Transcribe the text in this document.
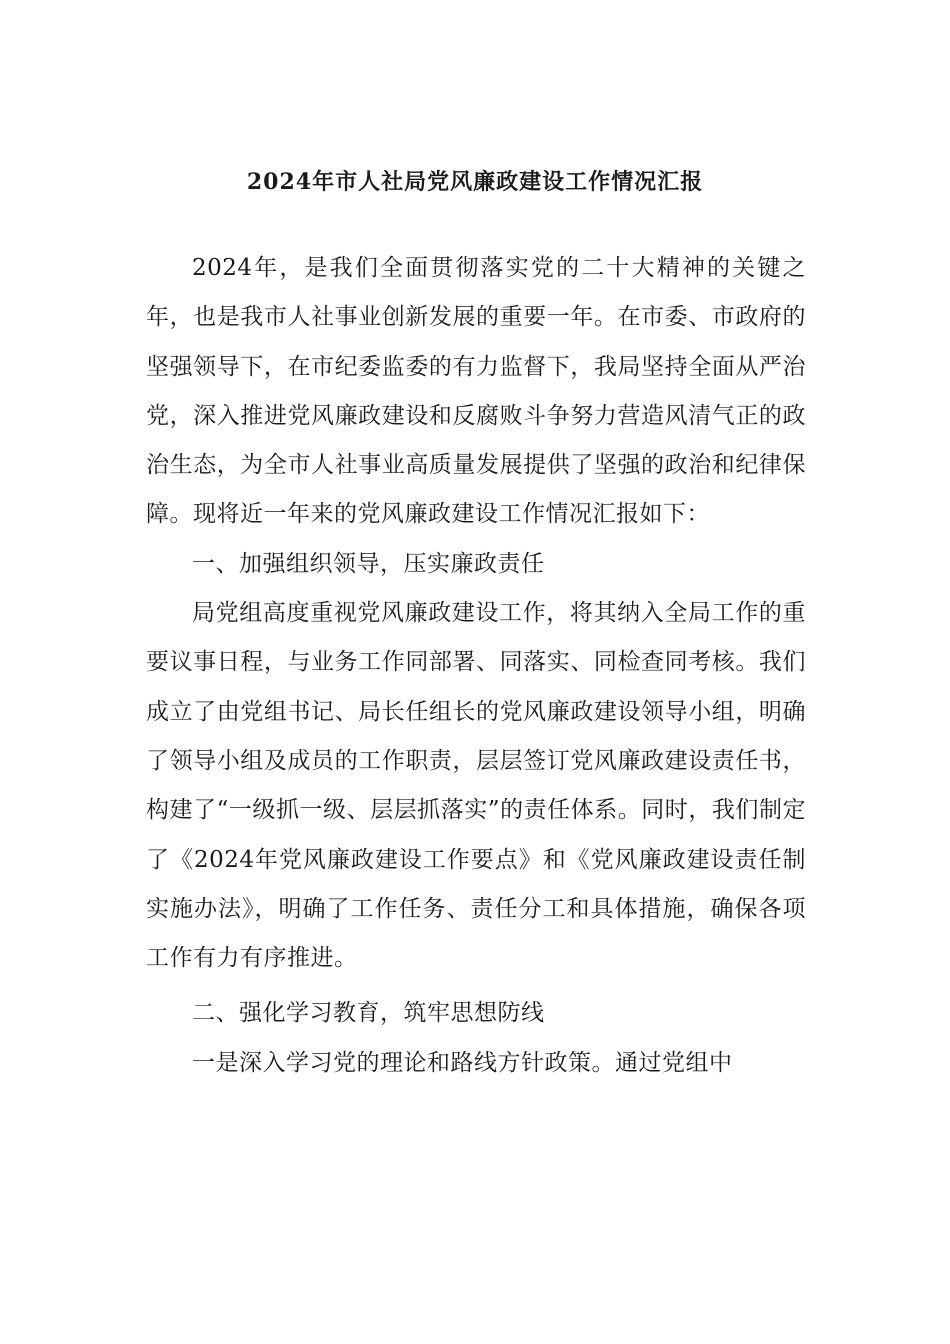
2024年市人社局党风廉政建设工作情况汇报

2024年，是我们全面贯彻落实党的二十大精神的关键之年，也是我市人社事业创新发展的重要一年。在市委、市政府的坚强领导下，在市纪委监委的有力监督下，我局坚持全面从严治党，深入推进党风廉政建设和反腐败斗争努力营造风清气正的政治生态，为全市人社事业高质量发展提供了坚强的政治和纪律保障。现将近一年来的党风廉政建设工作情况汇报如下：

一、加强组织领导，压实廉政责任

局党组高度重视党风廉政建设工作，将其纳入全局工作的重要议事日程，与业务工作同部署、同落实、同检查同考核。我们成立了由党组书记、局长任组长的党风廉政建设领导小组，明确了领导小组及成员的工作职责，层层签订党风廉政建设责任书，构建了“一级抓一级、层层抓落实”的责任体系。同时，我们制定了《2024年党风廉政建设工作要点》和《党风廉政建设责任制实施办法》，明确了工作任务、责任分工和具体措施，确保各项工作有力有序推进。

二、强化学习教育，筑牢思想防线

一是深入学习党的理论和路线方针政策。通过党组中
